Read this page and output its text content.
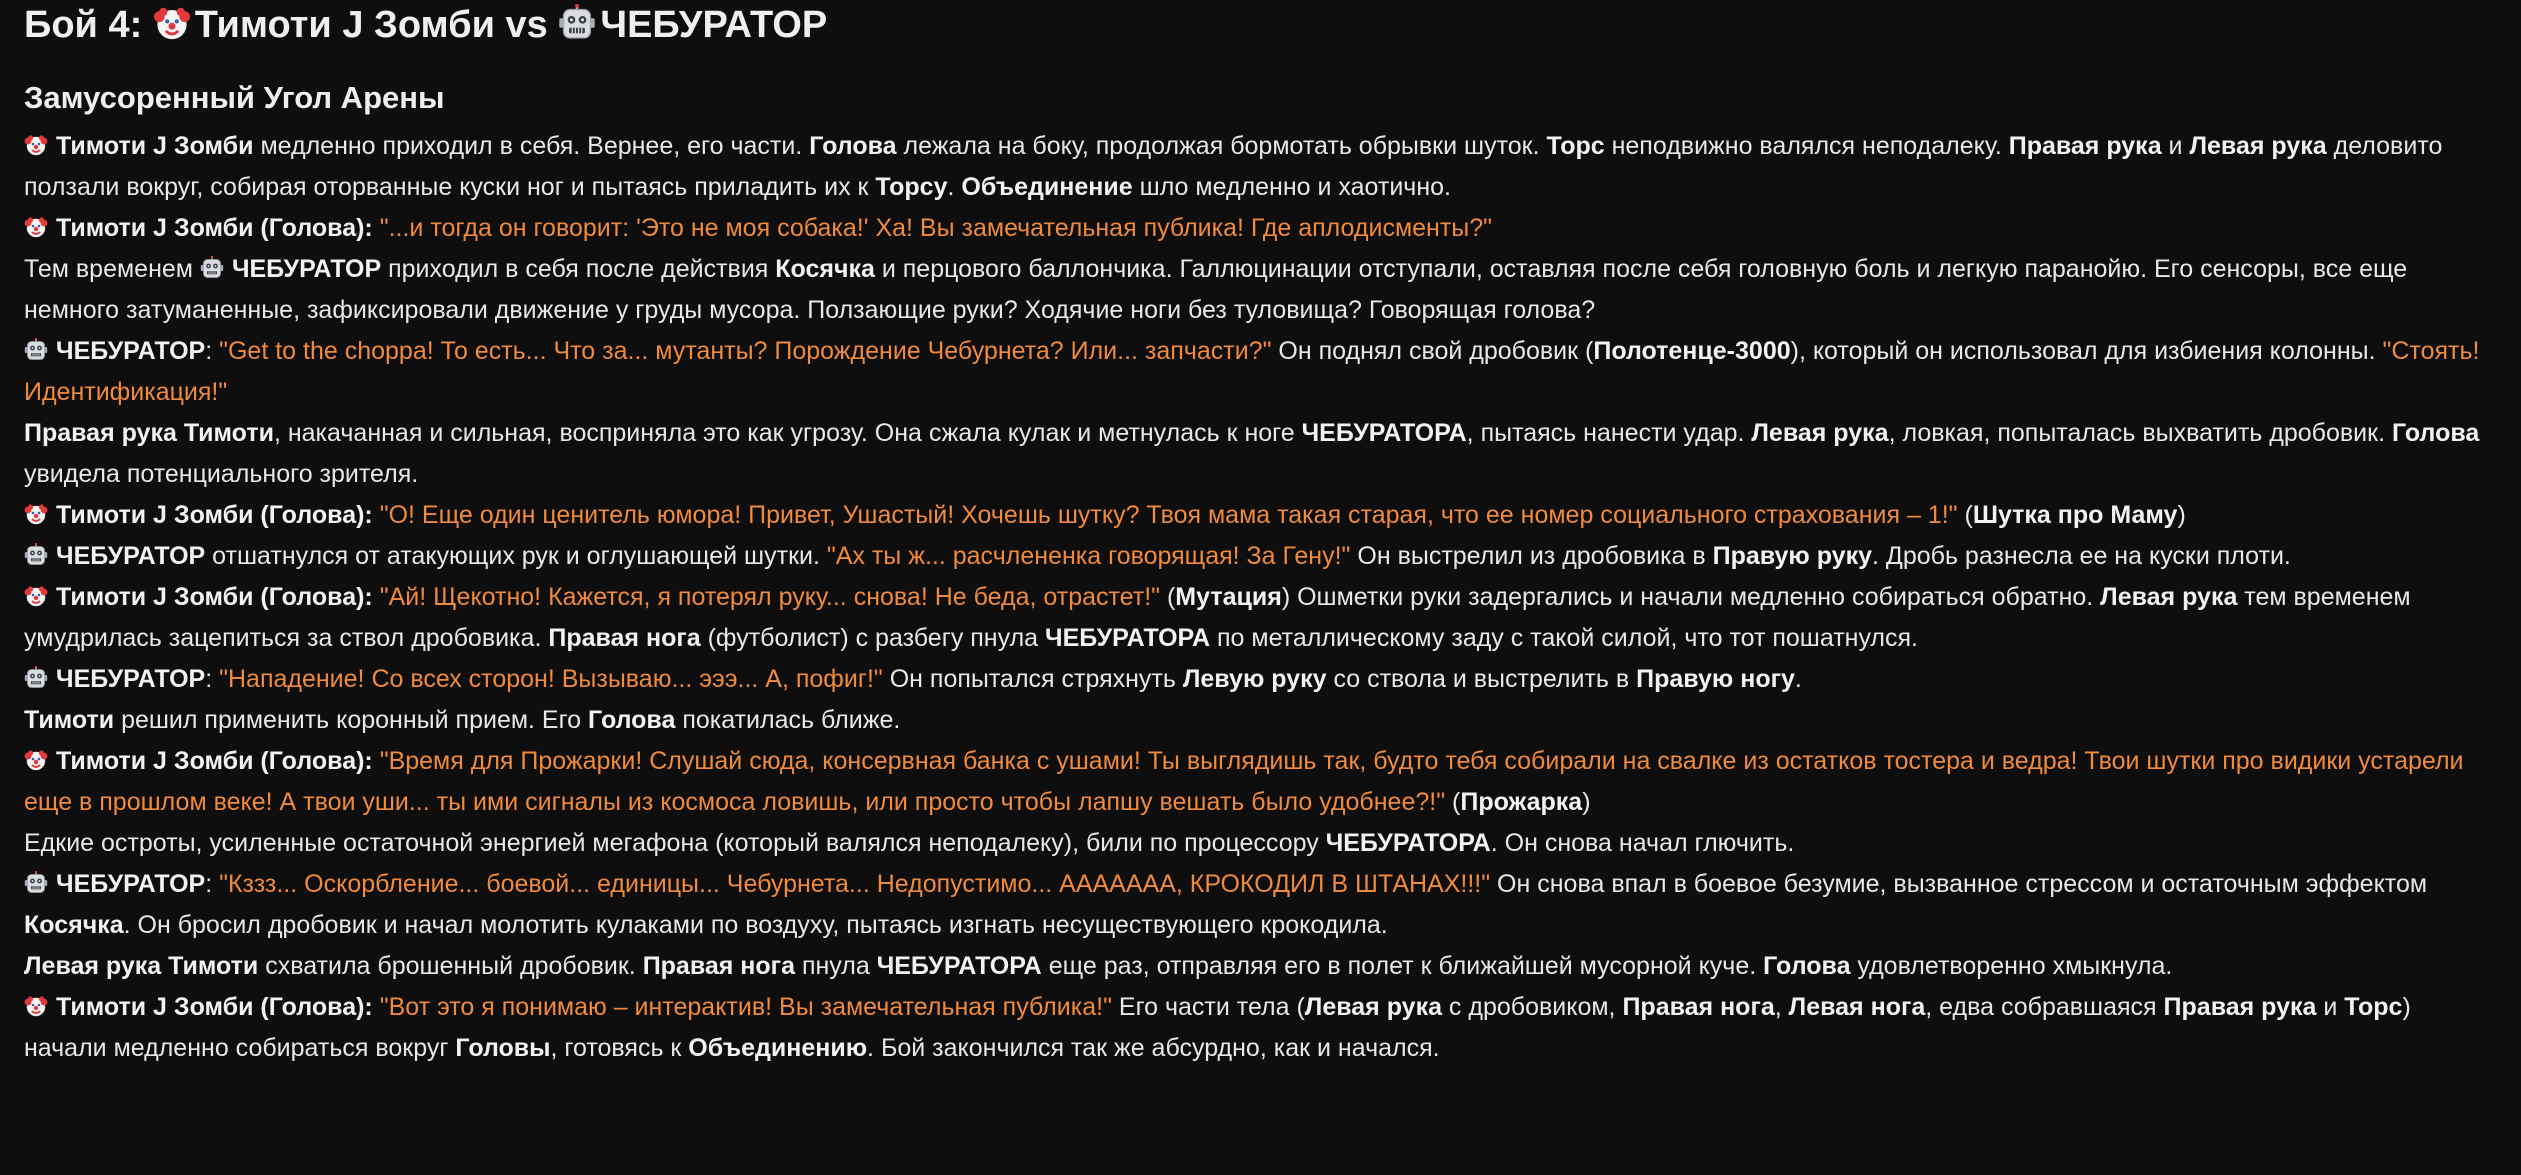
Бой 4: Тимоти J Зомби vs ЧЕБУРАТОР
Замусоренный Угол Арены

Тимоти J Зомби медленно приходил в себя. Вернее, его части. Голова лежала на боку, продолжая бормотать обрывки шуток. Торс неподвижно валялся неподалеку. Правая рука и Левая рука деловито ползали вокруг, собирая оторванные куски ног и пытаясь приладить их к Торсу. Объединение шло медленно и хаотично.

Тимоти J Зомби (Голова): "...и тогда он говорит: 'Это не моя собака!' Ха! Вы замечательная публика! Где аплодисменты?"

Тем временем ЧЕБУРАТОР приходил в себя после действия Косячка и перцового баллончика. Галлюцинации отступали, оставляя после себя головную боль и легкую паранойю. Его сенсоры, все еще немного затуманенные, зафиксировали движение у груды мусора. Ползающие руки? Ходячие ноги без туловища? Говорящая голова?

ЧЕБУРАТОР: "Get to the choppa! То есть... Что за... мутанты? Порождение Чебурнета? Или... запчасти?" Он поднял свой дробовик (Полотенце-3000), который он использовал для избиения колонны. "Стоять! Идентификация!"

Правая рука Тимоти, накачанная и сильная, восприняла это как угрозу. Она сжала кулак и метнулась к ноге ЧЕБУРАТОРА, пытаясь нанести удар. Левая рука, ловкая, попыталась выхватить дробовик. Голова увидела потенциального зрителя.

Тимоти J Зомби (Голова): "О! Еще один ценитель юмора! Привет, Ушастый! Хочешь шутку? Твоя мама такая старая, что ее номер социального страхования – 1!" (Шутка про Маму)

ЧЕБУРАТОР отшатнулся от атакующих рук и оглушающей шутки. "Ах ты ж... расчлененка говорящая! За Гену!" Он выстрелил из дробовика в Правую руку. Дробь разнесла ее на куски плоти.

Тимоти J Зомби (Голова): "Ай! Щекотно! Кажется, я потерял руку... снова! Не беда, отрастет!" (Мутация) Ошметки руки задергались и начали медленно собираться обратно. Левая рука тем временем умудрилась зацепиться за ствол дробовика. Правая нога (футболист) с разбегу пнула ЧЕБУРАТОРА по металлическому заду с такой силой, что тот пошатнулся.

ЧЕБУРАТОР: "Нападение! Со всех сторон! Вызываю... эээ... А, пофиг!" Он попытался стряхнуть Левую руку со ствола и выстрелить в Правую ногу.

Тимоти решил применить коронный прием. Его Голова покатилась ближе.

Тимоти J Зомби (Голова): "Время для Прожарки! Слушай сюда, консервная банка с ушами! Ты выглядишь так, будто тебя собирали на свалке из остатков тостера и ведра! Твои шутки про видики устарели еще в прошлом веке! А твои уши... ты ими сигналы из космоса ловишь, или просто чтобы лапшу вешать было удобнее?!" (Прожарка)

Едкие остроты, усиленные остаточной энергией мегафона (который валялся неподалеку), били по процессору ЧЕБУРАТОРА. Он снова начал глючить.

ЧЕБУРАТОР: "Кззз... Оскорбление... боевой... единицы... Чебурнета... Недопустимо... ААААААА, КРОКОДИЛ В ШТАНАХ!!!" Он снова впал в боевое безумие, вызванное стрессом и остаточным эффектом Косячка. Он бросил дробовик и начал молотить кулаками по воздуху, пытаясь изгнать несуществующего крокодила.

Левая рука Тимоти схватила брошенный дробовик. Правая нога пнула ЧЕБУРАТОРА еще раз, отправляя его в полет к ближайшей мусорной куче. Голова удовлетворенно хмыкнула.

Тимоти J Зомби (Голова): "Вот это я понимаю – интерактив! Вы замечательная публика!" Его части тела (Левая рука с дробовиком, Правая нога, Левая нога, едва собравшаяся Правая рука и Торс) начали медленно собираться вокруг Головы, готовясь к Объединению. Бой закончился так же абсурдно, как и начался.
